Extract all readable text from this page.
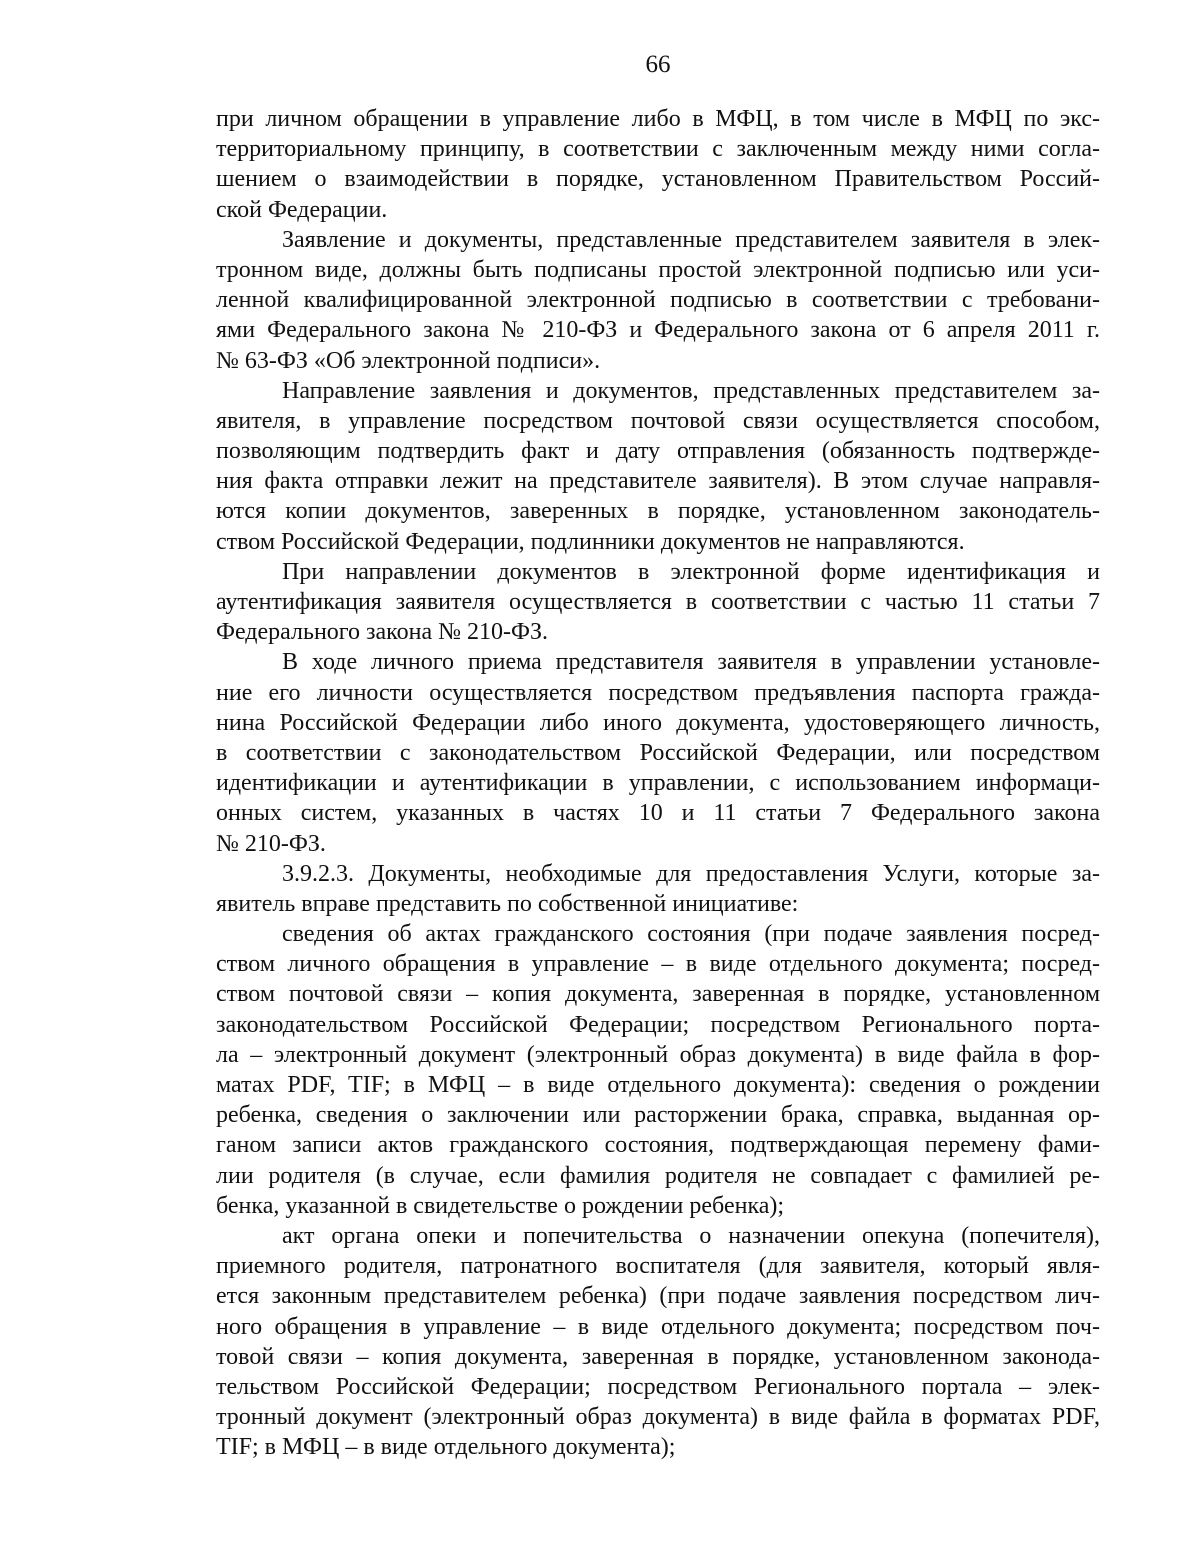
66
при личном обращении в управление либо в МФЦ, в том числе в МФЦ по экс-
территориальному принципу, в соответствии с заключенным между ними согла-
шением о взаимодействии в порядке, установленном Правительством Россий-
ской Федерации.
Заявление и документы, представленные представителем заявителя в элек-
тронном виде, должны быть подписаны простой электронной подписью или уси-
ленной квалифицированной электронной подписью в соответствии с требовани-
ями Федерального закона № 210-ФЗ и Федерального закона от 6 апреля 2011 г.
№ 63-ФЗ «Об электронной подписи».
Направление заявления и документов, представленных представителем за-
явителя, в управление посредством почтовой связи осуществляется способом,
позволяющим подтвердить факт и дату отправления (обязанность подтвержде-
ния факта отправки лежит на представителе заявителя). В этом случае направля-
ются копии документов, заверенных в порядке, установленном законодатель-
ством Российской Федерации, подлинники документов не направляются.
При направлении документов в электронной форме идентификация и
аутентификация заявителя осуществляется в соответствии с частью 11 статьи 7
Федерального закона № 210-ФЗ.
В ходе личного приема представителя заявителя в управлении установле-
ние его личности осуществляется посредством предъявления паспорта гражда-
нина Российской Федерации либо иного документа, удостоверяющего личность,
в соответствии с законодательством Российской Федерации, или посредством
идентификации и аутентификации в управлении, с использованием информаци-
онных систем, указанных в частях 10 и 11 статьи 7 Федерального закона
№ 210-ФЗ.
3.9.2.3. Документы, необходимые для предоставления Услуги, которые за-
явитель вправе представить по собственной инициативе:
сведения об актах гражданского состояния (при подаче заявления посред-
ством личного обращения в управление – в виде отдельного документа; посред-
ством почтовой связи – копия документа, заверенная в порядке, установленном
законодательством Российской Федерации; посредством Регионального порта-
ла – электронный документ (электронный образ документа) в виде файла в фор-
матах PDF, TIF; в МФЦ – в виде отдельного документа): сведения о рождении
ребенка, сведения о заключении или расторжении брака, справка, выданная ор-
ганом записи актов гражданского состояния, подтверждающая перемену фами-
лии родителя (в случае, если фамилия родителя не совпадает с фамилией ре-
бенка, указанной в свидетельстве о рождении ребенка);
акт органа опеки и попечительства о назначении опекуна (попечителя),
приемного родителя, патронатного воспитателя (для заявителя, который явля-
ется законным представителем ребенка) (при подаче заявления посредством лич-
ного обращения в управление – в виде отдельного документа; посредством поч-
товой связи – копия документа, заверенная в порядке, установленном законода-
тельством Российской Федерации; посредством Регионального портала – элек-
тронный документ (электронный образ документа) в виде файла в форматах PDF,
TIF; в МФЦ – в виде отдельного документа);
